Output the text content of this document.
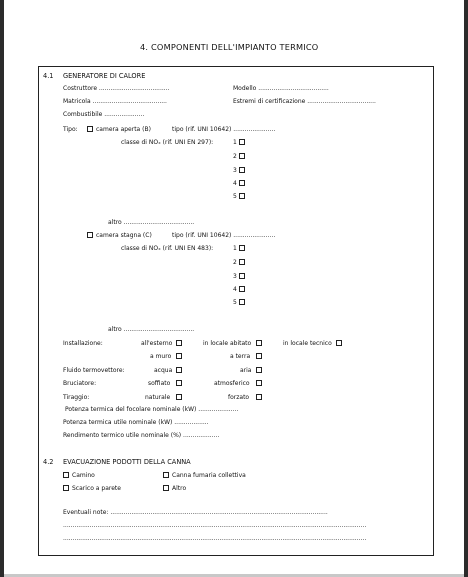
4. COMPONENTI DELL'IMPIANTO TERMICO
4.1 GENERATORE DI CALORE
Costruttore .....................................	Modello .....................................
Matricola .......................................	Estremi di certificazione ....................................
Combustibile .....................
Tipo:	camera aperta (B)	tipo (rif. UNI 10642) ......................
classe di NOₓ (rif. UNI EN 297):	1
2
3
4
5
altro .....................................
camera stagna (C)	tipo (rif. UNI 10642) ......................
classe di NOₓ (rif. UNI EN 483):	1
2
3
4
5
altro .....................................
Installazione:	all'esterno	in locale abitato	in locale tecnico
a muro	a terra
Fluido termovettore:	acqua	aria
Bruciatore:	soffiato	atmosferico
Tiraggio:	naturale	forzato
Potenza termica del focolare nominale (kW) .....................
Potenza termica utile nominale (kW) ..................
Rendimento termico utile nominale (%) ...................
4.2 EVACUAZIONE PODOTTI DELLA CANNA
Camino	Canna fumaria collettiva
Scarico a parete	Altro
Eventuali note: ..................................................................................................................
...............................................................................................................................................................
...............................................................................................................................................................
